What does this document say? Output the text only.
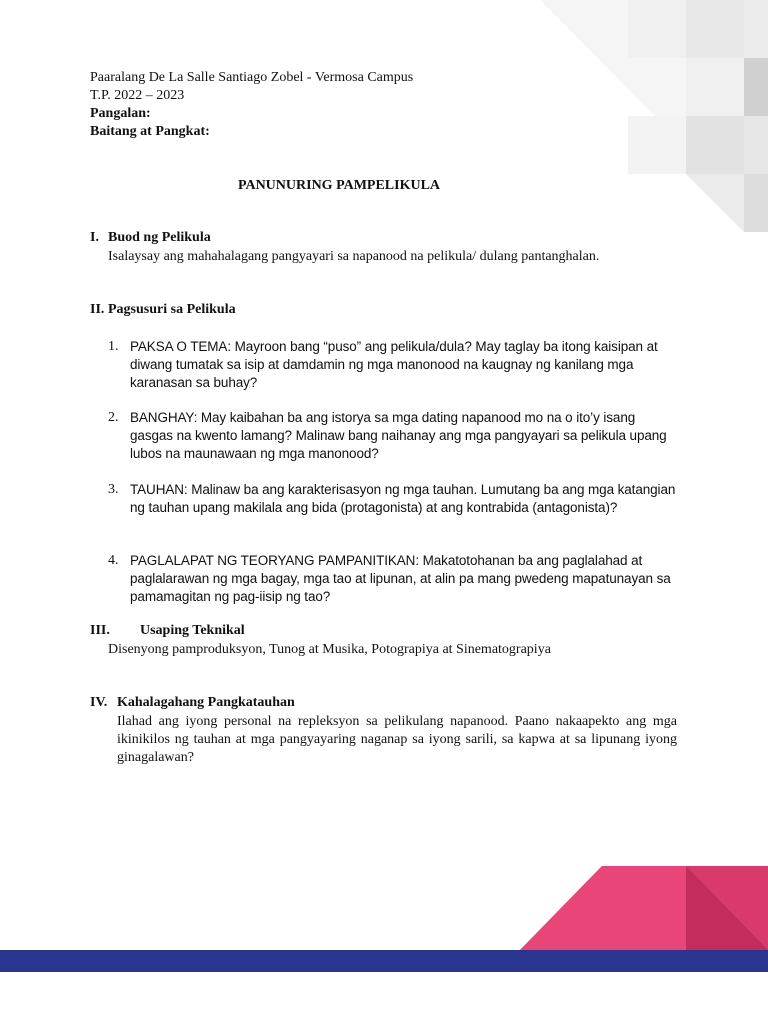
Paaralang De La Salle Santiago Zobel - Vermosa Campus
T.P. 2022 – 2023
Pangalan:
Baitang at Pangkat:
PANUNURING PAMPELIKULA
I. Buod ng Pelikula
Isalaysay ang mahahalagang pangyayari sa napanood na pelikula/ dulang pantanghalan.
II. Pagsusuri sa Pelikula
1. PAKSA O TEMA: Mayroon bang “puso” ang pelikula/dula? May taglay ba itong kaisipan at diwang tumatak sa isip at damdamin ng mga manonood na kaugnay ng kanilang mga karanasan sa buhay?
2. BANGHAY: May kaibahan ba ang istorya sa mga dating napanood mo na o ito’y isang gasgas na kwento lamang? Malinaw bang naihanay ang mga pangyayari sa pelikula upang lubos na maunawaan ng mga manonood?
3. TAUHAN: Malinaw ba ang karakterisasyon ng mga tauhan. Lumutang ba ang mga katangian ng tauhan upang makilala ang bida (protagonista) at ang kontrabida (antagonista)?
4. PAGLALAPAT NG TEORYANG PAMPANITIKAN: Makatotohanan ba ang paglalahad at paglalarawan ng mga bagay, mga tao at lipunan, at alin pa mang pwedeng mapatunayan sa pamamagitan ng pag-iisip ng tao?
III. Usaping Teknikal
Disenyong pamproduksyon, Tunog at Musika, Potograpiya at Sinematograpiya
IV. Kahalagahang Pangkatauhan
Ilahad ang iyong personal na repleksyon sa pelikulang napanood. Paano nakaapekto ang mga ikinikilos ng tauhan at mga pangyayaring naganap sa iyong sarili, sa kapwa at sa lipunang iyong ginagalawan?
